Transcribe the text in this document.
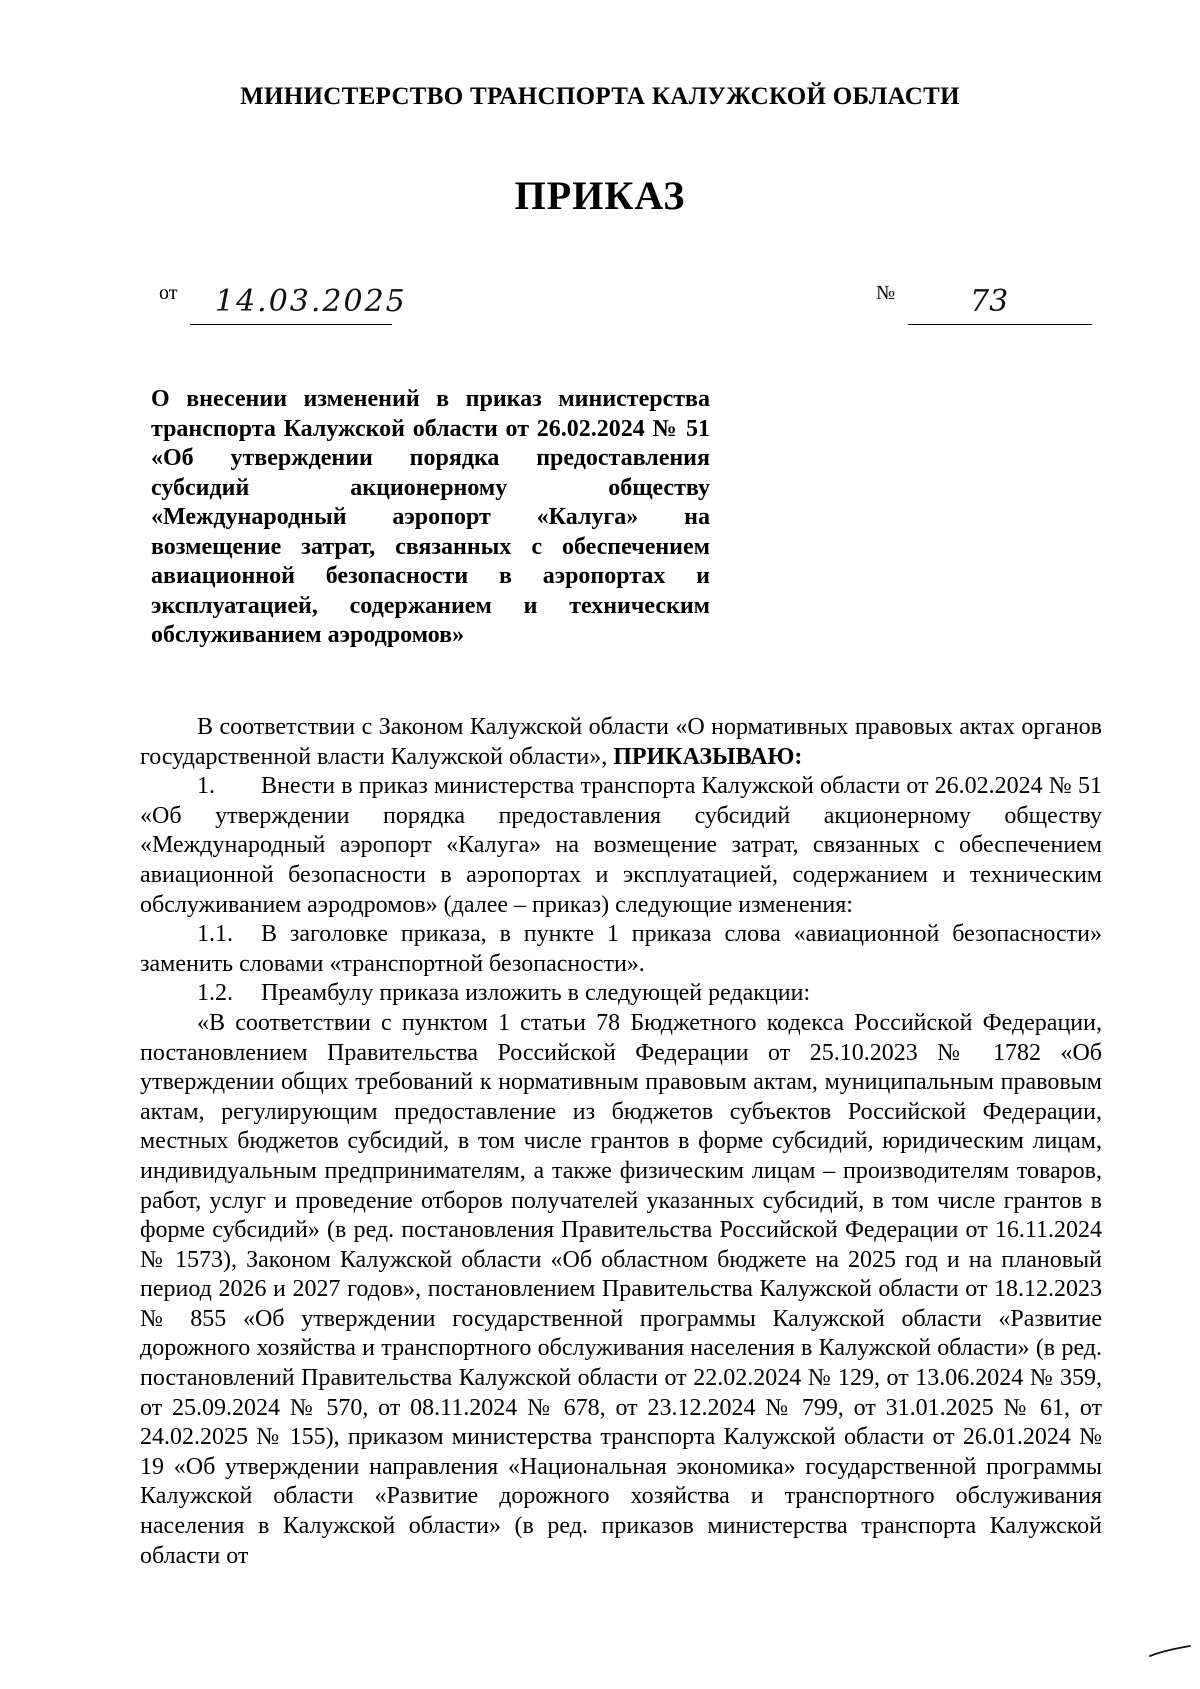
МИНИСТЕРСТВО ТРАНСПОРТА КАЛУЖСКОЙ ОБЛАСТИ
ПРИКАЗ
от 14.03.2025	№ 73
О внесении изменений в приказ министерства транспорта Калужской области от 26.02.2024 № 51 «Об утверждении порядка предоставления субсидий акционерному обществу «Международный аэропорт «Калуга» на возмещение затрат, связанных с обеспечением авиационной безопасности в аэропортах и эксплуатацией, содержанием и техническим обслуживанием аэродромов»

В соответствии с Законом Калужской области «О нормативных правовых актах органов государственной власти Калужской области», ПРИКАЗЫВАЮ:

1. Внести в приказ министерства транспорта Калужской области от 26.02.2024 № 51 «Об утверждении порядка предоставления субсидий акционерному обществу «Международный аэропорт «Калуга» на возмещение затрат, связанных с обеспечением авиационной безопасности в аэропортах и эксплуатацией, содержанием и техническим обслуживанием аэродромов» (далее – приказ) следующие изменения:

1.1. В заголовке приказа, в пункте 1 приказа слова «авиационной безопасности» заменить словами «транспортной безопасности».

1.2. Преамбулу приказа изложить в следующей редакции:

«В соответствии с пунктом 1 статьи 78 Бюджетного кодекса Российской Федерации, постановлением Правительства Российской Федерации от 25.10.2023 № 1782 «Об утверждении общих требований к нормативным правовым актам, муниципальным правовым актам, регулирующим предоставление из бюджетов субъектов Российской Федерации, местных бюджетов субсидий, в том числе грантов в форме субсидий, юридическим лицам, индивидуальным предпринимателям, а также физическим лицам – производителям товаров, работ, услуг и проведение отборов получателей указанных субсидий, в том числе грантов в форме субсидий» (в ред. постановления Правительства Российской Федерации от 16.11.2024 № 1573), Законом Калужской области «Об областном бюджете на 2025 год и на плановый период 2026 и 2027 годов», постановлением Правительства Калужской области от 18.12.2023 № 855 «Об утверждении государственной программы Калужской области «Развитие дорожного хозяйства и транспортного обслуживания населения в Калужской области» (в ред. постановлений Правительства Калужской области от 22.02.2024 № 129, от 13.06.2024 № 359, от 25.09.2024 № 570, от 08.11.2024 № 678, от 23.12.2024 № 799, от 31.01.2025 № 61, от 24.02.2025 № 155), приказом министерства транспорта Калужской области от 26.01.2024 № 19 «Об утверждении направления «Национальная экономика» государственной программы Калужской области «Развитие дорожного хозяйства и транспортного обслуживания населения в Калужской области» (в ред. приказов министерства транспорта Калужской области от
